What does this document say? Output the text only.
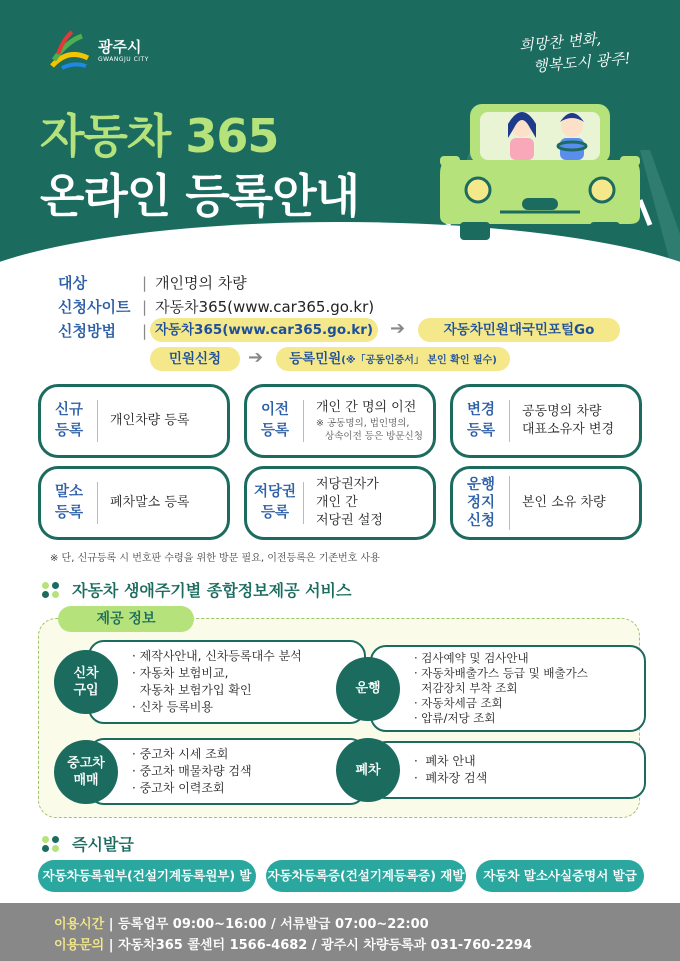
광주시
GWANGJU CITY
희망찬 변화,
행복도시 광주!
자동차 365
온라인 등록안내
대상	| 개인명의 차량
신청사이트 | 자동차365(www.car365.go.kr)
신청방법	| 자동차365(www.car365.go.kr) ➔	자동차민원대국민포털Go
민원신청	➔	등록민원(※「공동인증서」 본인 확인 필수)
신규
등록
개인차량 등록
이전
등록
개인 간 명의 이전
※ 공동명의, 법인명의,
상속이전 등은 방문신청
변경
등록
공동명의 차량
대표소유자 변경
말소
등록
폐차말소 등록
저당권
등록
저당권자가
개인 간
저당권 설정
운행
정지
신청
본인 소유 차량
※ 단, 신규등록 시 번호판 수령을 위한 방문 필요, 이전등록은 기존번호 사용
자동차 생애주기별 종합정보제공 서비스
제공 정보
신차
구입
· 제작사안내, 신차등록대수 분석
· 자동차 보험비교,
자동차 보험가입 확인
· 신차 등록비용
운행
· 검사예약 및 검사안내
· 자동차배출가스 등급 및 배출가스
저감장치 부착 조회
· 자동차세금 조회
· 압류/저당 조회
중고차
매매
· 중고차 시세 조회
· 중고차 매물차량 검색
· 중고차 이력조회
폐차
·  폐차 안내
·  폐차장 검색
즉시발급
자동차등록원부(건설기계등록원부) 발	자동차등록증(건설기계등록증) 재발	자동차 말소사실증명서 발급
이용시간 | 등록업무 09:00~16:00 / 서류발급 07:00~22:00
이용문의 | 자동차365 콜센터 1566-4682 / 광주시 차량등록과 031-760-2294
